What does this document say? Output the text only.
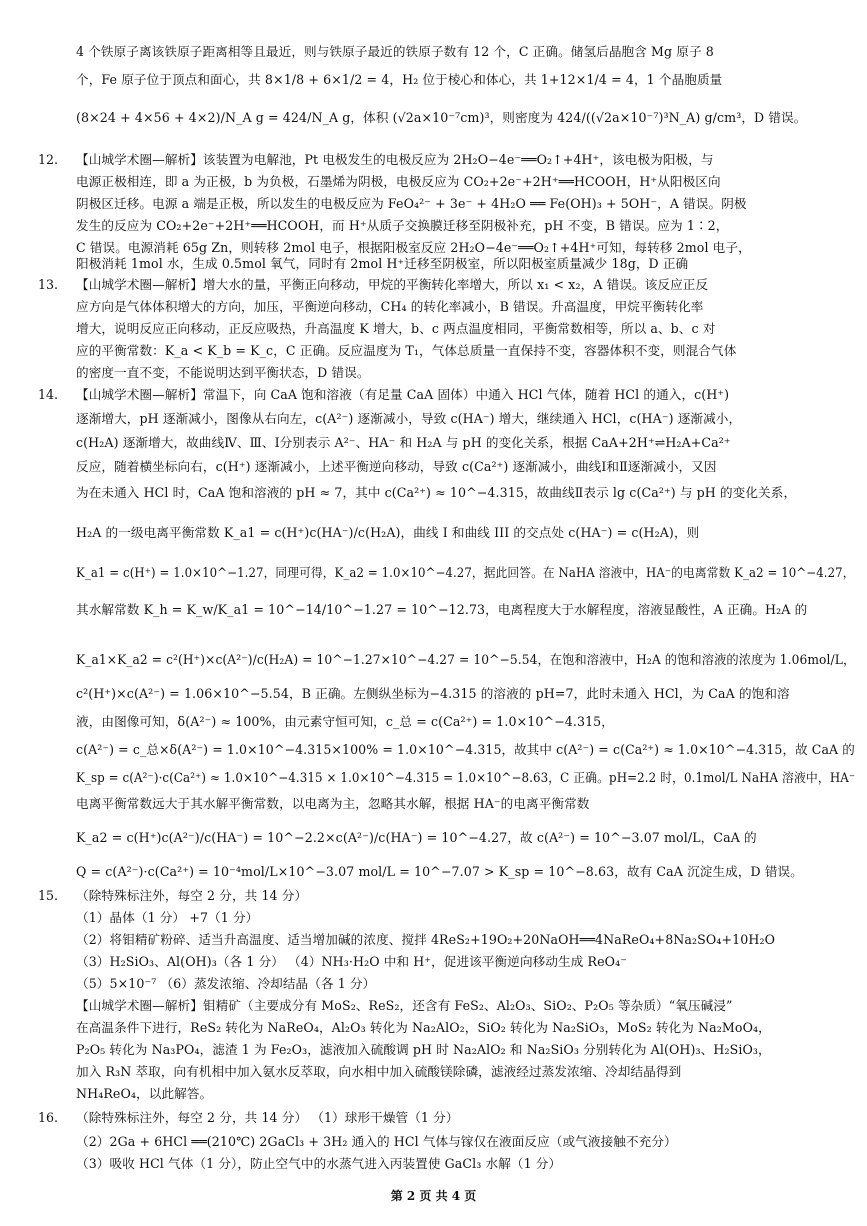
12.
13.
14.
15.
16.
4 个铁原子离该铁原子距离相等且最近，则与铁原子最近的铁原子数有 12 个，C 正确。储氢后晶胞含 Mg 原子 8
个，Fe 原子位于顶点和面心，共 8×1/8 + 6×1/2 = 4，H₂ 位于棱心和体心，共 1+12×1/4 = 4，1 个晶胞质量
(8×24 + 4×56 + 4×2)/N_A g = 424/N_A g，体积 (√2a×10⁻⁷cm)³，则密度为 424/((√2a×10⁻⁷)³N_A) g/cm³，D 错误。
【山城学术圈—解析】该装置为电解池，Pt 电极发生的电极反应为 2H₂O−4e⁻══O₂↑+4H⁺，该电极为阳极，与
电源正极相连，即 a 为正极，b 为负极，石墨烯为阴极，电极反应为 CO₂+2e⁻+2H⁺══HCOOH，H⁺从阳极区向
阴极区迁移。电源 a 端是正极，所以发生的电极反应为 FeO₄²⁻ + 3e⁻ + 4H₂O ══ Fe(OH)₃ + 5OH⁻，A 错误。阴极
发生的反应为 CO₂+2e⁻+2H⁺══HCOOH，而 H⁺从质子交换膜迁移至阴极补充，pH 不变，B 错误。应为 1∶2，
C 错误。电源消耗 65g Zn，则转移 2mol 电子，根据阳极室反应 2H₂O−4e⁻══O₂↑+4H⁺可知，每转移 2mol 电子，
阳极消耗 1mol 水，生成 0.5mol 氧气，同时有 2mol H⁺迁移至阴极室，所以阳极室质量减少 18g，D 正确
【山城学术圈—解析】增大水的量，平衡正向移动，甲烷的平衡转化率增大，所以 x₁ < x₂，A 错误。该反应正反
应方向是气体体积增大的方向，加压，平衡逆向移动，CH₄ 的转化率减小，B 错误。升高温度，甲烷平衡转化率
增大，说明反应正向移动，正反应吸热，升高温度 K 增大，b、c 两点温度相同，平衡常数相等，所以 a、b、c 对
应的平衡常数：K_a < K_b = K_c，C 正确。反应温度为 T₁，气体总质量一直保持不变，容器体积不变，则混合气体
的密度一直不变，不能说明达到平衡状态，D 错误。
【山城学术圈—解析】常温下，向 CaA 饱和溶液（有足量 CaA 固体）中通入 HCl 气体，随着 HCl 的通入，c(H⁺)
逐渐增大，pH 逐渐减小，图像从右向左，c(A²⁻) 逐渐减小，导致 c(HA⁻) 增大，继续通入 HCl，c(HA⁻) 逐渐减小，
c(H₂A) 逐渐增大，故曲线Ⅳ、Ⅲ、Ⅰ分别表示 A²⁻、HA⁻ 和 H₂A 与 pH 的变化关系，根据 CaA+2H⁺⇌H₂A+Ca²⁺
反应，随着横坐标向右，c(H⁺) 逐渐减小，上述平衡逆向移动，导致 c(Ca²⁺) 逐渐减小，曲线Ⅰ和Ⅱ逐渐减小，又因
为在未通入 HCl 时，CaA 饱和溶液的 pH ≈ 7，其中 c(Ca²⁺) ≈ 10^−4.315，故曲线Ⅱ表示 lg c(Ca²⁺) 与 pH 的变化关系，
H₂A 的一级电离平衡常数 K_a1 = c(H⁺)c(HA⁻)/c(H₂A)，曲线 I 和曲线 III 的交点处 c(HA⁻) = c(H₂A)，则
K_a1 = c(H⁺) = 1.0×10^−1.27，同理可得，K_a2 = 1.0×10^−4.27，据此回答。在 NaHA 溶液中，HA⁻的电离常数 K_a2 = 10^−4.27，
其水解常数 K_h = K_w/K_a1 = 10^−14/10^−1.27 = 10^−12.73，电离程度大于水解程度，溶液显酸性，A 正确。H₂A 的
K_a1×K_a2 = c²(H⁺)×c(A²⁻)/c(H₂A) = 10^−1.27×10^−4.27 = 10^−5.54，在饱和溶液中，H₂A 的饱和溶液的浓度为 1.06mol/L，
c²(H⁺)×c(A²⁻) = 1.06×10^−5.54，B 正确。左侧纵坐标为−4.315 的溶液的 pH=7，此时未通入 HCl，为 CaA 的饱和溶
液，由图像可知，δ(A²⁻) ≈ 100%，由元素守恒可知，c_总 = c(Ca²⁺) = 1.0×10^−4.315，
c(A²⁻) = c_总×δ(A²⁻) = 1.0×10^−4.315×100% = 1.0×10^−4.315，故其中 c(A²⁻) = c(Ca²⁺) ≈ 1.0×10^−4.315，故 CaA 的
K_sp = c(A²⁻)·c(Ca²⁺) ≈ 1.0×10^−4.315 × 1.0×10^−4.315 = 1.0×10^−8.63，C 正确。pH=2.2 时，0.1mol/L NaHA 溶液中，HA⁻
电离平衡常数远大于其水解平衡常数，以电离为主，忽略其水解，根据 HA⁻的电离平衡常数
K_a2 = c(H⁺)c(A²⁻)/c(HA⁻) = 10^−2.2×c(A²⁻)/c(HA⁻) = 10^−4.27，故 c(A²⁻) = 10^−3.07 mol/L，CaA 的
Q = c(A²⁻)·c(Ca²⁺) = 10⁻⁴mol/L×10^−3.07 mol/L = 10^−7.07 > K_sp = 10^−8.63，故有 CaA 沉淀生成，D 错误。
（除特殊标注外，每空 2 分，共 14 分）
（1）晶体（1 分） +7（1 分）
（2）将钼精矿粉碎、适当升高温度、适当增加碱的浓度、搅拌 4ReS₂+19O₂+20NaOH══4NaReO₄+8Na₂SO₄+10H₂O
（3）H₂SiO₃、Al(OH)₃（各 1 分） （4）NH₃·H₂O 中和 H⁺，促进该平衡逆向移动生成 ReO₄⁻
（5）5×10⁻⁷ （6）蒸发浓缩、冷却结晶（各 1 分）
【山城学术圈—解析】钼精矿（主要成分有 MoS₂、ReS₂，还含有 FeS₂、Al₂O₃、SiO₂、P₂O₅ 等杂质）“氧压碱浸”
在高温条件下进行，ReS₂ 转化为 NaReO₄，Al₂O₃ 转化为 Na₂AlO₂，SiO₂ 转化为 Na₂SiO₃，MoS₂ 转化为 Na₂MoO₄，
P₂O₅ 转化为 Na₃PO₄，滤渣 1 为 Fe₂O₃，滤液加入硫酸调 pH 时 Na₂AlO₂ 和 Na₂SiO₃ 分别转化为 Al(OH)₃、H₂SiO₃，
加入 R₃N 萃取，向有机相中加入氨水反萃取，向水相中加入硫酸镁除磷，滤液经过蒸发浓缩、冷却结晶得到
NH₄ReO₄，以此解答。
（除特殊标注外，每空 2 分，共 14 分） （1）球形干燥管（1 分）
（2）2Ga + 6HCl ══(210℃) 2GaCl₃ + 3H₂ 通入的 HCl 气体与镓仅在液面反应（或气液接触不充分）
（3）吸收 HCl 气体（1 分），防止空气中的水蒸气进入丙装置使 GaCl₃ 水解（1 分）
第 2 页 共 4 页
